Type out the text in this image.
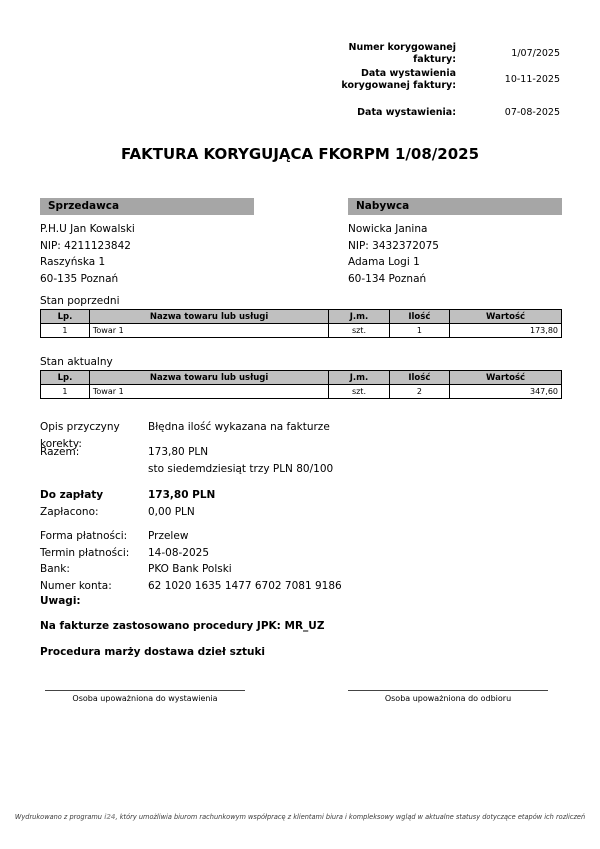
Numer korygowanej faktury:
1/07/2025
Data wystawienia korygowanej faktury:
10-11-2025
Data wystawienia:	07-08-2025
FAKTURA KORYGUJĄCA FKORPM 1/08/2025
Sprzedawca
P.H.U Jan Kowalski
NIP: 4211123842
Raszyńska 1
60-135 Poznań
Nabywca
Nowicka Janina
NIP: 3432372075
Adama Logi 1
60-134 Poznań
Stan poprzedni
Lp.	Nazwa towaru lub usługi	J.m.	Ilość	Wartość
1	Towar 1	szt.	1	173,80
Stan aktualny
Lp.	Nazwa towaru lub usługi	J.m.	Ilość	Wartość
1	Towar 1	szt.	2	347,60
Opis przyczyny korekty:
Błędna ilość wykazana na fakturze
Razem:	173,80 PLN
sto siedemdziesiąt trzy PLN 80/100
Do zapłaty	173,80 PLN
Zapłacono:	0,00 PLN
Forma płatności:	Przelew
Termin płatności:	14-08-2025
Bank:	PKO Bank Polski
Numer konta:	62 1020 1635 1477 6702 7081 9186
Uwagi:
Na fakturze zastosowano procedury JPK: MR_UZ
Procedura marży dostawa dzieł sztuki
Osoba upoważniona do wystawienia	Osoba upoważniona do odbioru
Wydrukowano z programu i24, który umożliwia biurom rachunkowym współpracę z klientami biura i kompleksowy wgląd w aktualne statusy dotyczące etapów ich rozliczeń
